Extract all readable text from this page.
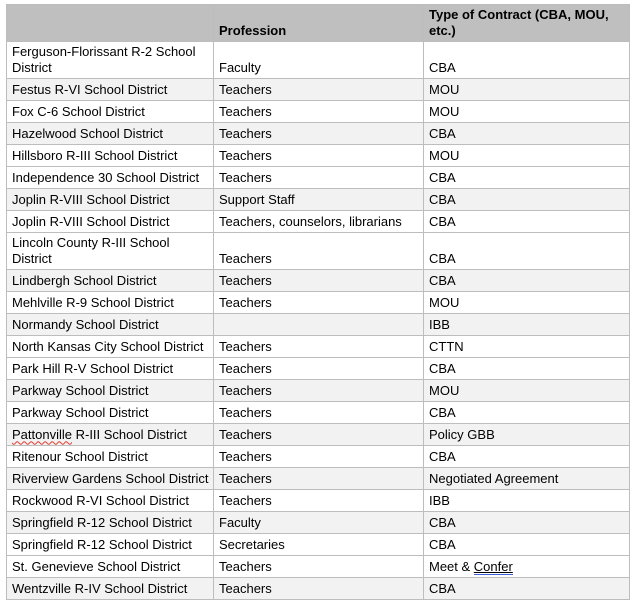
	Profession	Type of Contract (CBA, MOU, etc.)
Ferguson-Florissant R-2 School District	Faculty	CBA
Festus R-VI School District	Teachers	MOU
Fox C-6 School District	Teachers	MOU
Hazelwood School District	Teachers	CBA
Hillsboro R-III School District	Teachers	MOU
Independence 30 School District	Teachers	CBA
Joplin R-VIII School District	Support Staff	CBA
Joplin R-VIII School District	Teachers, counselors, librarians	CBA
Lincoln County R-III School District	Teachers	CBA
Lindbergh School District	Teachers	CBA
Mehlville R-9 School District	Teachers	MOU
Normandy School District		IBB
North Kansas City School District	Teachers	CTTN
Park Hill R-V School District	Teachers	CBA
Parkway School District	Teachers	MOU
Parkway School District	Teachers	CBA
Pattonville R-III School District	Teachers	Policy GBB
Ritenour School District	Teachers	CBA
Riverview Gardens School District	Teachers	Negotiated Agreement
Rockwood R-VI School District	Teachers	IBB
Springfield R-12 School District	Faculty	CBA
Springfield R-12 School District	Secretaries	CBA
St. Genevieve School District	Teachers	Meet & Confer
Wentzville R-IV School District	Teachers	CBA
